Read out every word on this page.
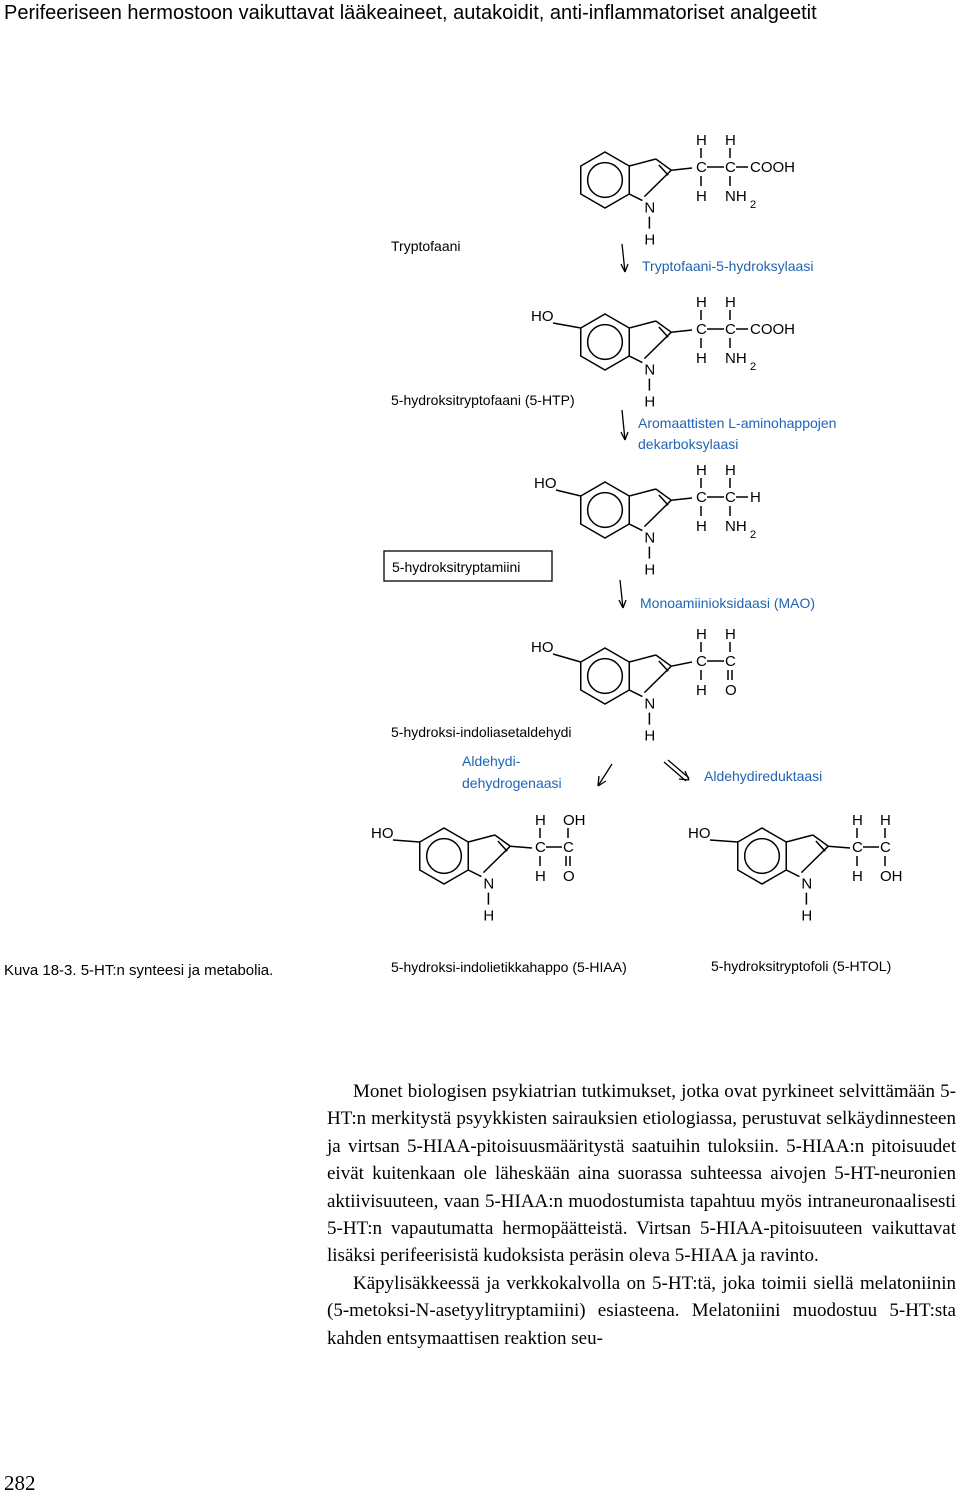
Perifeeriseen hermostoon vaikuttavat lääkeaineet, autakoidit, anti-inflammatoriset analgeetit
N
H
C C
H
H
H
NH 2
COOH
N
H
HO
C C
H
H
H
NH 2
COOH
N
H
HO
C C
H
H
H
NH 2
H
N
H
HO
C C
H
H
H
O
N
H
HO
C C
H
H
OH
O	N
H
HO
C C
H
H
H
OH
Tryptofaani
5-hydroksitryptofaani (5-HTP)
5-hydroksitryptamiini
5-hydroksi-indoliasetaldehydi
5-hydroksi-indolietikkahappo (5-HIAA)	5-hydroksitryptofoli (5-HTOL)
Tryptofaani-5-hydroksylaasi
Aromaattisten L-aminohappojen
dekarboksylaasi
Monoamiinioksidaasi (MAO)
Aldehydi-
dehydrogenaasi	Aldehydireduktaasi
Kuva 18-3. 5-HT:n synteesi ja metabolia.

Monet biologisen psykiatrian tutkimukset, jotka ovat pyrkineet selvittämään 5-HT:n merkitystä psyykkisten sairauksien etiologiassa, perustuvat selkäydinnesteen ja virtsan 5-HIAA-pitoisuusmääritystä saatuihin tuloksiin. 5-HIAA:n pitoisuudet eivät kuitenkaan ole läheskään aina suorassa suhteessa aivojen 5-HT-neuronien aktiivisuuteen, vaan 5-HIAA:n muodostumista tapahtuu myös intraneuronaalisesti 5-HT:n vapautumatta hermopäätteistä. Virtsan 5-HIAA-pitoisuuteen vaikuttavat lisäksi perifeerisistä kudoksista peräsin oleva 5-HIAA ja ravinto.

Käpylisäkkeessä ja verkkokalvolla on 5-HT:tä, joka toimii siellä melatoniinin (5-metoksi-N-asetyylitryptamiini) esiasteena. Melatoniini muodostuu 5-HT:sta kahden entsymaattisen reaktion seu-

282
